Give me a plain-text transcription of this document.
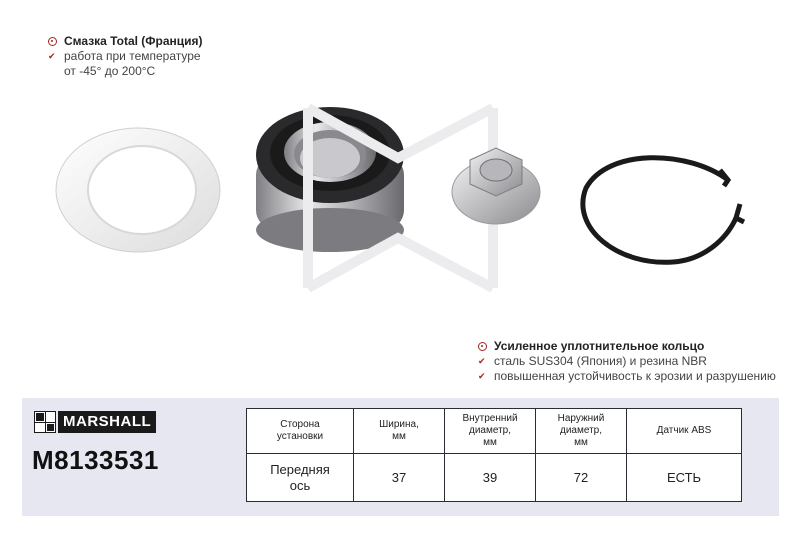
Смазка Total (Франция)
✔ работа при температуре
от -45° до 200°C
Усиленное уплотнительное кольцо
✔ сталь SUS304 (Япония) и резина NBR
✔ повышенная устойчивость к эрозии и разрушению
MARSHALL
M8133531
Сторона
установки	Ширина,
мм	Внутренний
диаметр,
мм	Наружний
диаметр,
мм	Датчик ABS
Передняя
ось	37	39	72	ЕСТЬ
